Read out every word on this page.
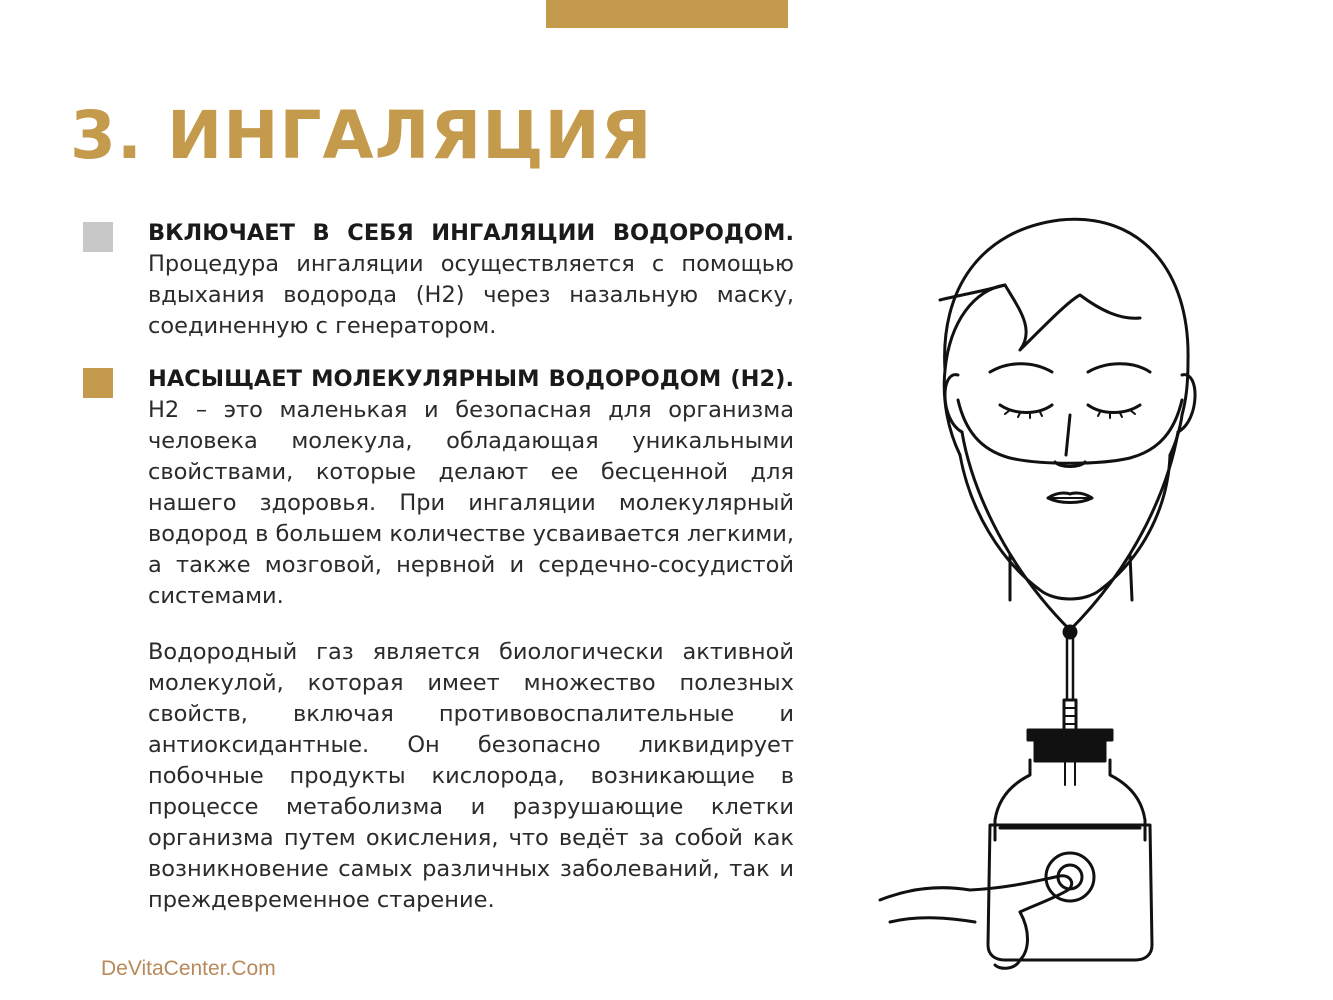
3. ИНГАЛЯЦИЯ
ВКЛЮЧАЕТ В СЕБЯ ИНГАЛЯЦИИ ВОДОРОДОМ. Процедура ингаляции осуществляется с помощью вдыхания водорода (Н2) через назальную маску, соединенную с генератором.
НАСЫЩАЕТ МОЛЕКУЛЯРНЫМ ВОДОРОДОМ (Н2). Н2 – это маленькая и безопасная для организма человека молекула, обладающая уникальными свойствами, которые делают ее бесценной для нашего здоровья. При ингаляции молекулярный водород в большем количестве усваивается легкими, а также мозговой, нервной и сердечно-сосудистой системами.
Водородный газ является биологически активной молекулой, которая имеет множество полезных свойств, включая противовоспалительные и антиоксидантные. Он безопасно ликвидирует побочные продукты кислорода, возникающие в процессе метаболизма и разрушающие клетки организма путем окисления, что ведёт за собой как возникновение самых различных заболеваний, так и преждевременное старение.
DeVitaCenter.Com
